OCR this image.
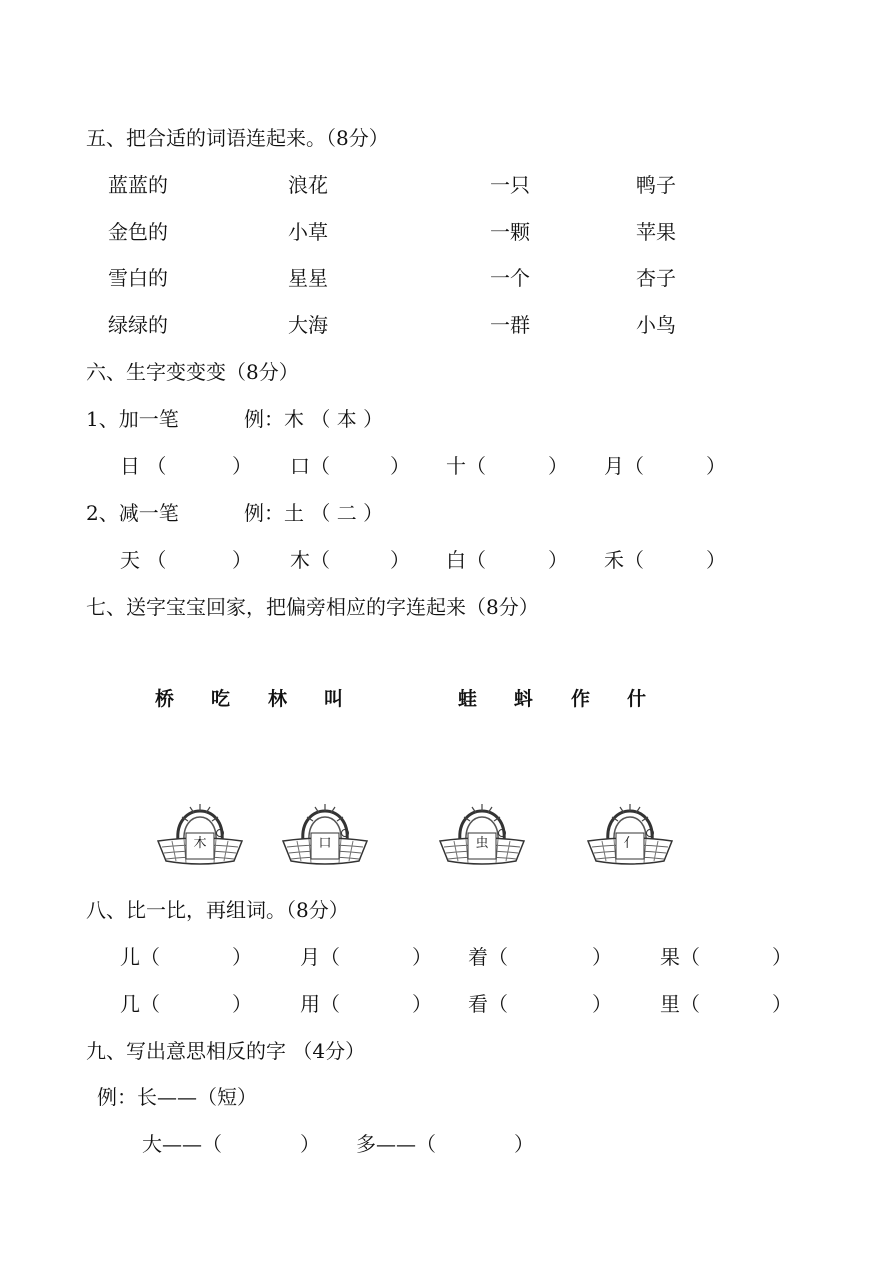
五、把合适的词语连起来。（8分）
蓝蓝的	浪花	一只	鸭子
金色的	小草	一颗	苹果
雪白的	星星	一个	杏子
绿绿的	大海	一群	小鸟
六、生字变变变（8分）
1、加一笔	例：木 （ 本 ）
日 （	） 口（	） 十（	） 月（	）
2、减一笔	例：土 （ 二 ）
天 （	） 木（	） 白（	） 禾（	）
七、送字宝宝回家，把偏旁相应的字连起来（8分）
桥 吃 林 叫	蛙 蚪 作 什
木	口	虫	亻
八、比一比，再组词。（8分）
儿（	） 月（	） 着（	） 果（	）
几（	） 用（	） 看（	） 里（	）
九、写出意思相反的字 （4分）
例：长——（短）
大——（	） 多——（	）
